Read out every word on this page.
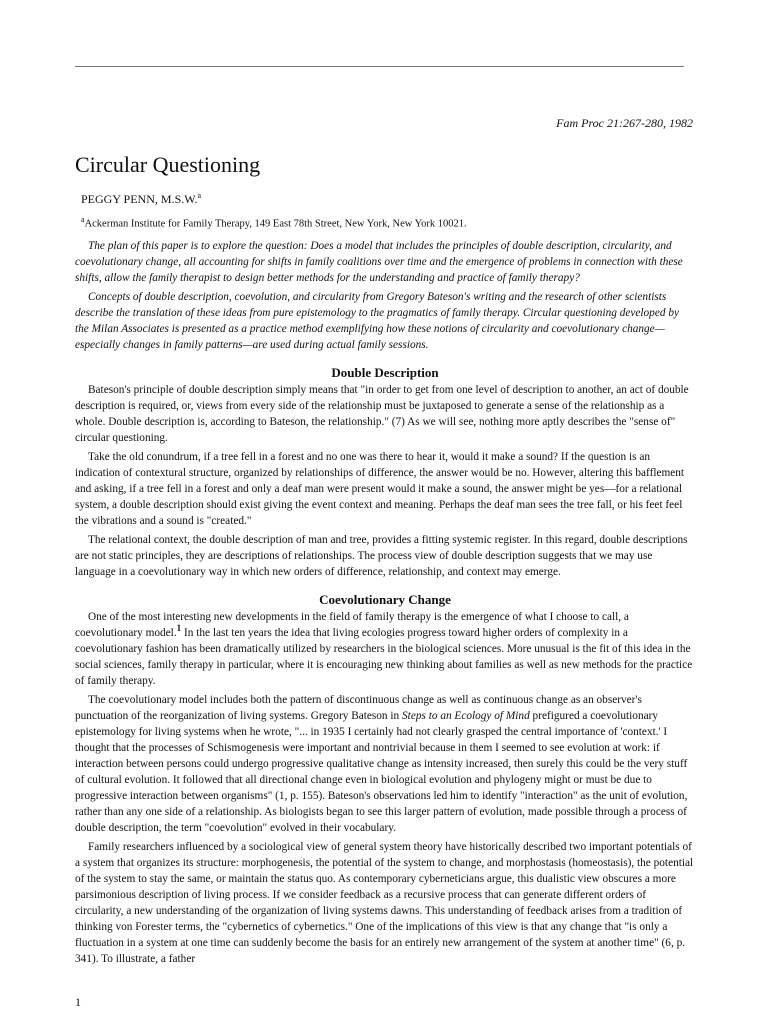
Fam Proc 21:267-280, 1982
Circular Questioning
PEGGY PENN, M.S.W.$^a$
$^a$Ackerman Institute for Family Therapy, 149 East 78th Street, New York, New York 10021.

The plan of this paper is to explore the question: Does a model that includes the principles of double description, circularity, and coevolutionary change, all accounting for shifts in family coalitions over time and the emergence of problems in connection with these shifts, allow the family therapist to design better methods for the understanding and practice of family therapy?

Concepts of double description, coevolution, and circularity from Gregory Bateson's writing and the research of other scientists describe the translation of these ideas from pure epistemology to the pragmatics of family therapy. Circular questioning developed by the Milan Associates is presented as a practice method exemplifying how these notions of circularity and coevolutionary change—especially changes in family patterns—are used during actual family sessions.

Double Description

Bateson's principle of double description simply means that "in order to get from one level of description to another, an act of double description is required, or, views from every side of the relationship must be juxtaposed to generate a sense of the relationship as a whole. Double description is, according to Bateson, the relationship." (7) As we will see, nothing more aptly describes the "sense of" circular questioning.

Take the old conundrum, if a tree fell in a forest and no one was there to hear it, would it make a sound? If the question is an indication of contextural structure, organized by relationships of difference, the answer would be no. However, altering this bafflement and asking, if a tree fell in a forest and only a deaf man were present would it make a sound, the answer might be yes—for a relational system, a double description should exist giving the event context and meaning. Perhaps the deaf man sees the tree fall, or his feet feel the vibrations and a sound is "created."

The relational context, the double description of man and tree, provides a fitting systemic register. In this regard, double descriptions are not static principles, they are descriptions of relationships. The process view of double description suggests that we may use language in a coevolutionary way in which new orders of difference, relationship, and context may emerge.

Coevolutionary Change

One of the most interesting new developments in the field of family therapy is the emergence of what I choose to call, a coevolutionary model.$^1$ In the last ten years the idea that living ecologies progress toward higher orders of complexity in a coevolutionary fashion has been dramatically utilized by researchers in the biological sciences. More unusual is the fit of this idea in the social sciences, family therapy in particular, where it is encouraging new thinking about families as well as new methods for the practice of family therapy.

The coevolutionary model includes both the pattern of discontinuous change as well as continuous change as an observer's punctuation of the reorganization of living systems. Gregory Bateson in Steps to an Ecology of Mind prefigured a coevolutionary epistemology for living systems when he wrote, "... in 1935 I certainly had not clearly grasped the central importance of 'context.' I thought that the processes of Schismogenesis were important and nontrivial because in them I seemed to see evolution at work: if interaction between persons could undergo progressive qualitative change as intensity increased, then surely this could be the very stuff of cultural evolution. It followed that all directional change even in biological evolution and phylogeny might or must be due to progressive interaction between organisms" (1, p. 155). Bateson's observations led him to identify "interaction" as the unit of evolution, rather than any one side of a relationship. As biologists began to see this larger pattern of evolution, made possible through a process of double description, the term "coevolution" evolved in their vocabulary.

Family researchers influenced by a sociological view of general system theory have historically described two important potentials of a system that organizes its structure: morphogenesis, the potential of the system to change, and morphostasis (homeostasis), the potential of the system to stay the same, or maintain the status quo. As contemporary cyberneticians argue, this dualistic view obscures a more parsimonious description of living process. If we consider feedback as a recursive process that can generate different orders of circularity, a new understanding of the organization of living systems dawns. This understanding of feedback arises from a tradition of thinking von Forester terms, the "cybernetics of cybernetics." One of the implications of this view is that any change that "is only a fluctuation in a system at one time can suddenly become the basis for an entirely new arrangement of the system at another time" (6, p. 341). To illustrate, a father

1
